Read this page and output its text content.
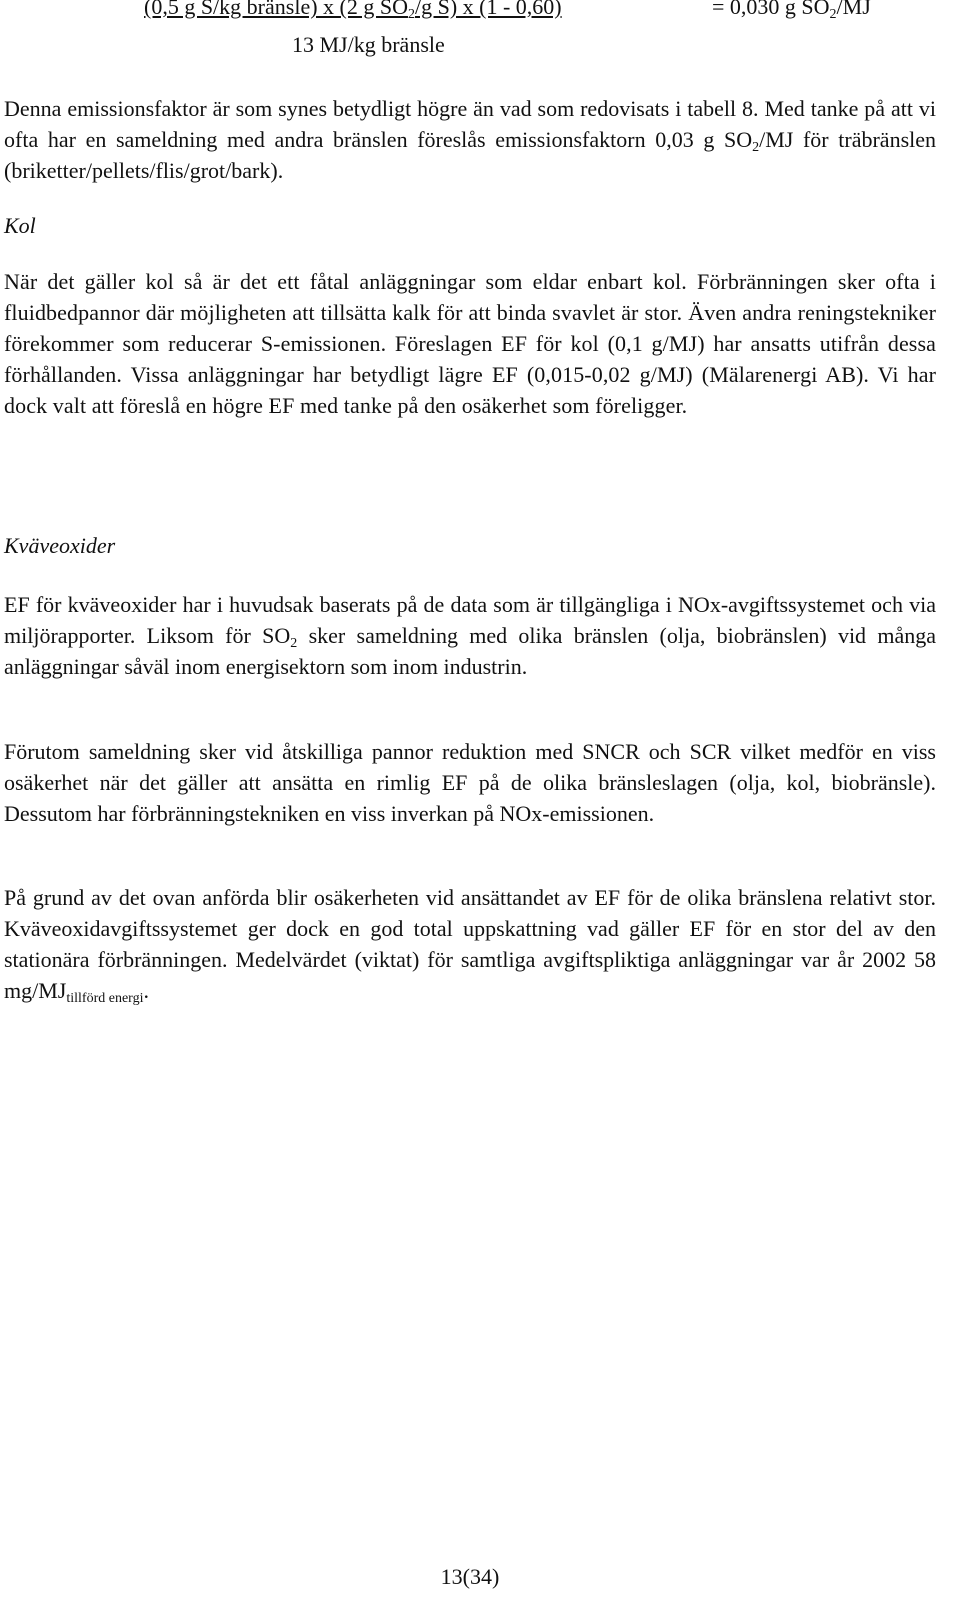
(0,5 g S/kg bränsle) x (2 g $SO_2/g$ S) x (1 - 0,60)	= 0,030 g $SO_2/MJ$
13 MJ/kg bränsle

Denna emissionsfaktor är som synes betydligt högre än vad som redovisats i tabell 8. Med tanke på att vi ofta har en sameldning med andra bränslen föreslås emissionsfaktorn 0,03 g $SO_2/MJ$ för träbränslen (briketter/pellets/flis/grot/bark).

Kol

När det gäller kol så är det ett fåtal anläggningar som eldar enbart kol. Förbränningen sker ofta i fluidbedpannor där möjligheten att tillsätta kalk för att binda svavlet är stor. Även andra reningstekniker förekommer som reducerar S-emissionen. Föreslagen EF för kol (0,1 g/MJ) har ansatts utifrån dessa förhållanden. Vissa anläggningar har betydligt lägre EF (0,015-0,02 g/MJ) (Mälarenergi AB). Vi har dock valt att föreslå en högre EF med tanke på den osäkerhet som föreligger.

Kväveoxider

EF för kväveoxider har i huvudsak baserats på de data som är tillgängliga i NOx-avgiftssystemet och via miljörapporter. Liksom för $SO_2$ sker sameldning med olika bränslen (olja, biobränslen) vid många anläggningar såväl inom energisektorn som inom industrin.

Förutom sameldning sker vid åtskilliga pannor reduktion med SNCR och SCR vilket medför en viss osäkerhet när det gäller att ansätta en rimlig EF på de olika bränsleslagen (olja, kol, biobränsle). Dessutom har förbränningstekniken en viss inverkan på NOx-emissionen.

På grund av det ovan anförda blir osäkerheten vid ansättandet av EF för de olika bränslena relativt stor. Kväveoxidavgiftssystemet ger dock en god total uppskattning vad gäller EF för en stor del av den stationära förbränningen. Medelvärdet (viktat) för samtliga avgiftspliktiga anläggningar var år 2002 58 $mg/MJ_{tillförd energi}$.

13(34)
